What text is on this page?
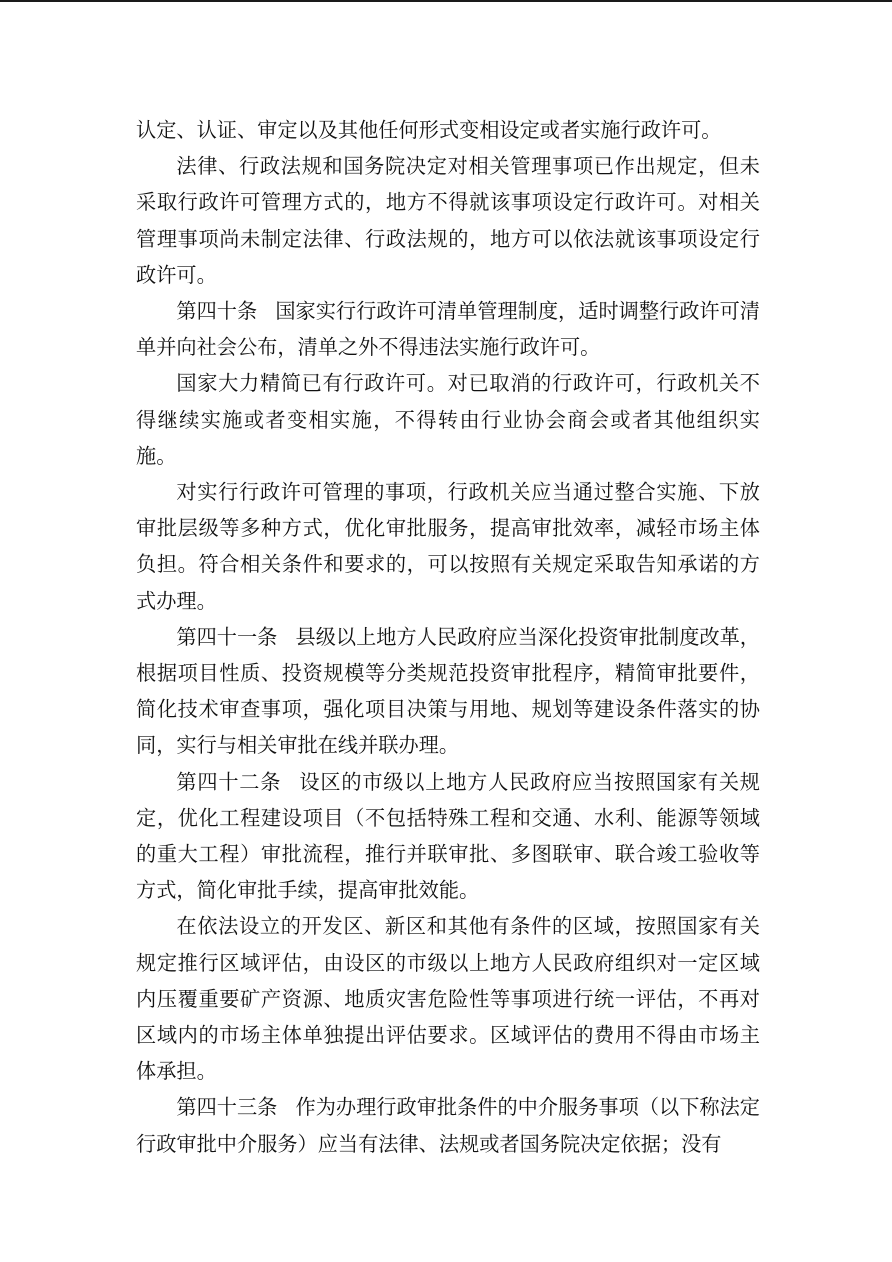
认定、认证、审定以及其他任何形式变相设定或者实施行政许可。

法律、行政法规和国务院决定对相关管理事项已作出规定，但未采取行政许可管理方式的，地方不得就该事项设定行政许可。对相关管理事项尚未制定法律、行政法规的，地方可以依法就该事项设定行政许可。

第四十条 国家实行行政许可清单管理制度，适时调整行政许可清单并向社会公布，清单之外不得违法实施行政许可。

国家大力精简已有行政许可。对已取消的行政许可，行政机关不得继续实施或者变相实施，不得转由行业协会商会或者其他组织实施。

对实行行政许可管理的事项，行政机关应当通过整合实施、下放审批层级等多种方式，优化审批服务，提高审批效率，减轻市场主体负担。符合相关条件和要求的，可以按照有关规定采取告知承诺的方式办理。

第四十一条 县级以上地方人民政府应当深化投资审批制度改革，根据项目性质、投资规模等分类规范投资审批程序，精简审批要件，简化技术审查事项，强化项目决策与用地、规划等建设条件落实的协同，实行与相关审批在线并联办理。

第四十二条 设区的市级以上地方人民政府应当按照国家有关规定，优化工程建设项目（不包括特殊工程和交通、水利、能源等领域的重大工程）审批流程，推行并联审批、多图联审、联合竣工验收等方式，简化审批手续，提高审批效能。

在依法设立的开发区、新区和其他有条件的区域，按照国家有关规定推行区域评估，由设区的市级以上地方人民政府组织对一定区域内压覆重要矿产资源、地质灾害危险性等事项进行统一评估，不再对区域内的市场主体单独提出评估要求。区域评估的费用不得由市场主体承担。

第四十三条 作为办理行政审批条件的中介服务事项（以下称法定行政审批中介服务）应当有法律、法规或者国务院决定依据；没有
